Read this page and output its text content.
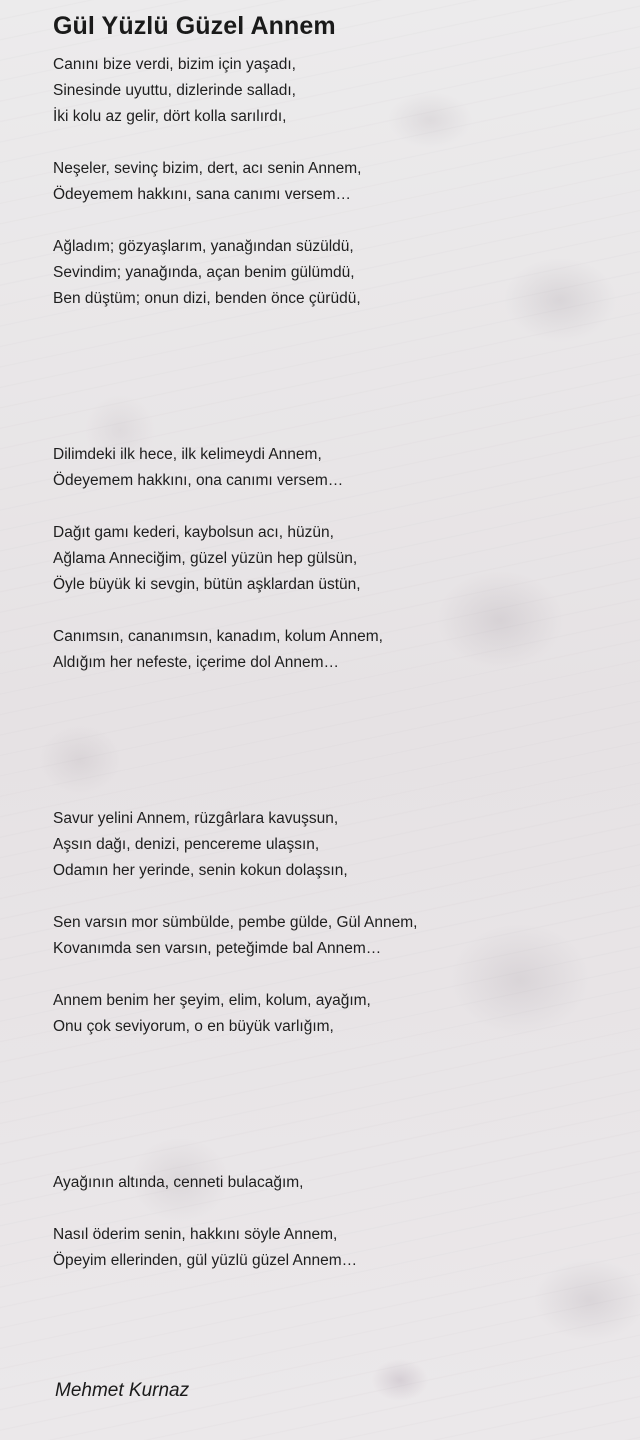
Gül Yüzlü Güzel Annem
Canını bize verdi, bizim için yaşadı,
Sinesinde uyuttu, dizlerinde salladı,
İki kolu az gelir, dört kolla sarılırdı,
Neşeler, sevinç bizim, dert, acı senin Annem,
Ödeyemem hakkını, sana canımı versem…
Ağladım; gözyaşlarım, yanağından süzüldü,
Sevindim; yanağında, açan benim gülümdü,
Ben düştüm; onun dizi, benden önce çürüdü,
Dilimdeki ilk hece, ilk kelimeydi Annem,
Ödeyemem hakkını, ona canımı versem…
Dağıt gamı kederi, kaybolsun acı, hüzün,
Ağlama Anneciğim, güzel yüzün hep gülsün,
Öyle büyük ki sevgin, bütün aşklardan üstün,
Canımsın, cananımsın, kanadım, kolum Annem,
Aldığım her nefeste, içerime dol Annem…
Savur yelini Annem, rüzgârlara kavuşsun,
Aşsın dağı, denizi, pencereme ulaşsın,
Odamın her yerinde, senin kokun dolaşsın,
Sen varsın mor sümbülde, pembe gülde, Gül Annem,
Kovanımda sen varsın, peteğimde bal Annem…
Annem benim her şeyim, elim, kolum, ayağım,
Onu çok seviyorum, o en büyük varlığım,
Ayağının altında, cenneti bulacağım,
Nasıl öderim senin, hakkını söyle Annem,
Öpeyim ellerinden, gül yüzlü güzel Annem…
Mehmet Kurnaz
